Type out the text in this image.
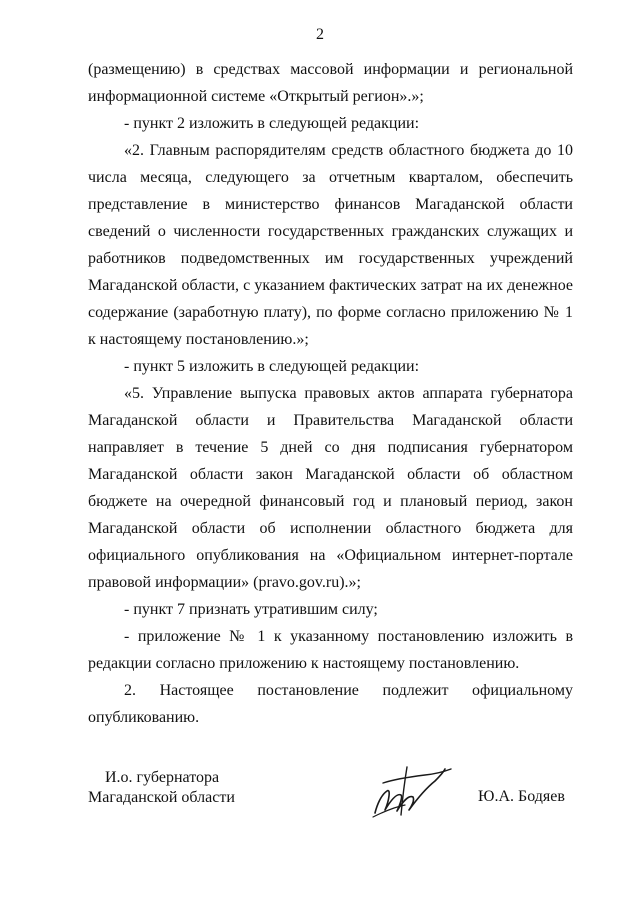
2

(размещению) в средствах массовой информации и региональной информационной системе «Открытый регион».»;

- пункт 2 изложить в следующей редакции:

«2. Главным распорядителям средств областного бюджета до 10 числа месяца, следующего за отчетным кварталом, обеспечить представление в министерство финансов Магаданской области сведений о численности государственных гражданских служащих и работников подведомственных им государственных учреждений Магаданской области, с указанием фактических затрат на их денежное содержание (заработную плату), по форме согласно приложению № 1 к настоящему постановлению.»;

- пункт 5 изложить в следующей редакции:

«5. Управление выпуска правовых актов аппарата губернатора Магаданской области и Правительства Магаданской области направляет в течение 5 дней со дня подписания губернатором Магаданской области закон Магаданской области об областном бюджете на очередной финансовый год и плановый период, закон Магаданской области об исполнении областного бюджета для официального опубликования на «Официальном интернет-портале правовой информации» (pravo.gov.ru).»;

- пункт 7 признать утратившим силу;

- приложение № 1 к указанному постановлению изложить в редакции согласно приложению к настоящему постановлению.

2. Настоящее постановление подлежит официальному опубликованию.

И.о. губернатора
Магаданской области	Ю.А. Бодяев
